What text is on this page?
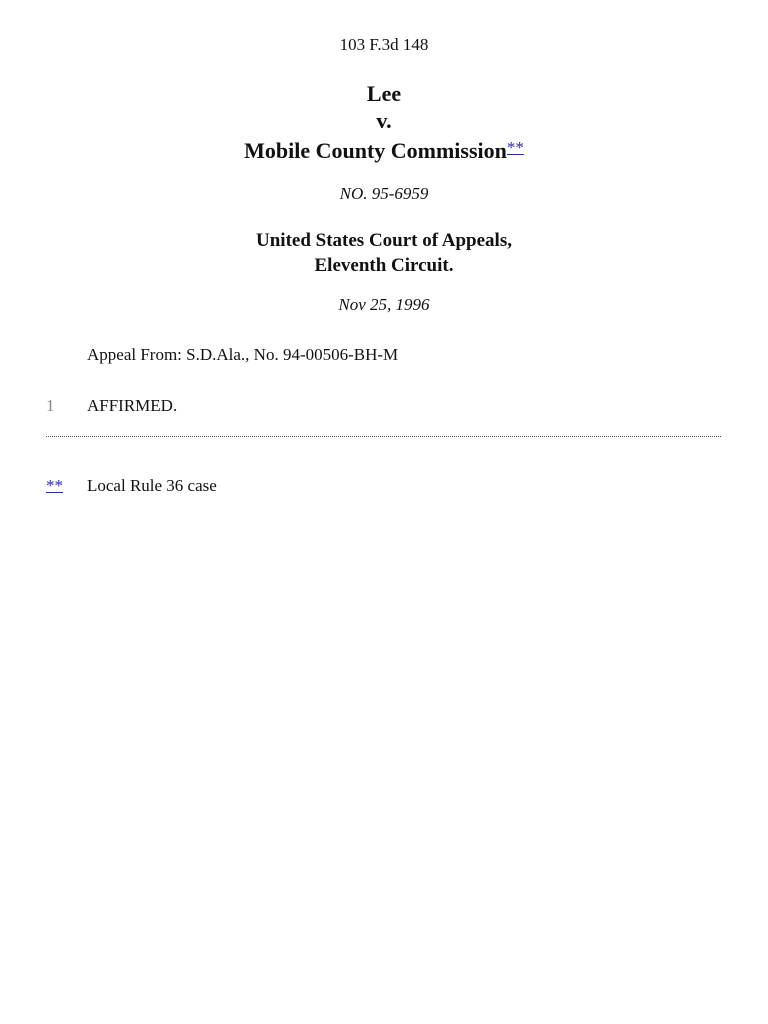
103 F.3d 148
Lee
v.
Mobile County Commission**
NO. 95-6959
United States Court of Appeals,
Eleventh Circuit.
Nov 25, 1996
Appeal From: S.D.Ala., No. 94-00506-BH-M
1 AFFIRMED.
** Local Rule 36 case
